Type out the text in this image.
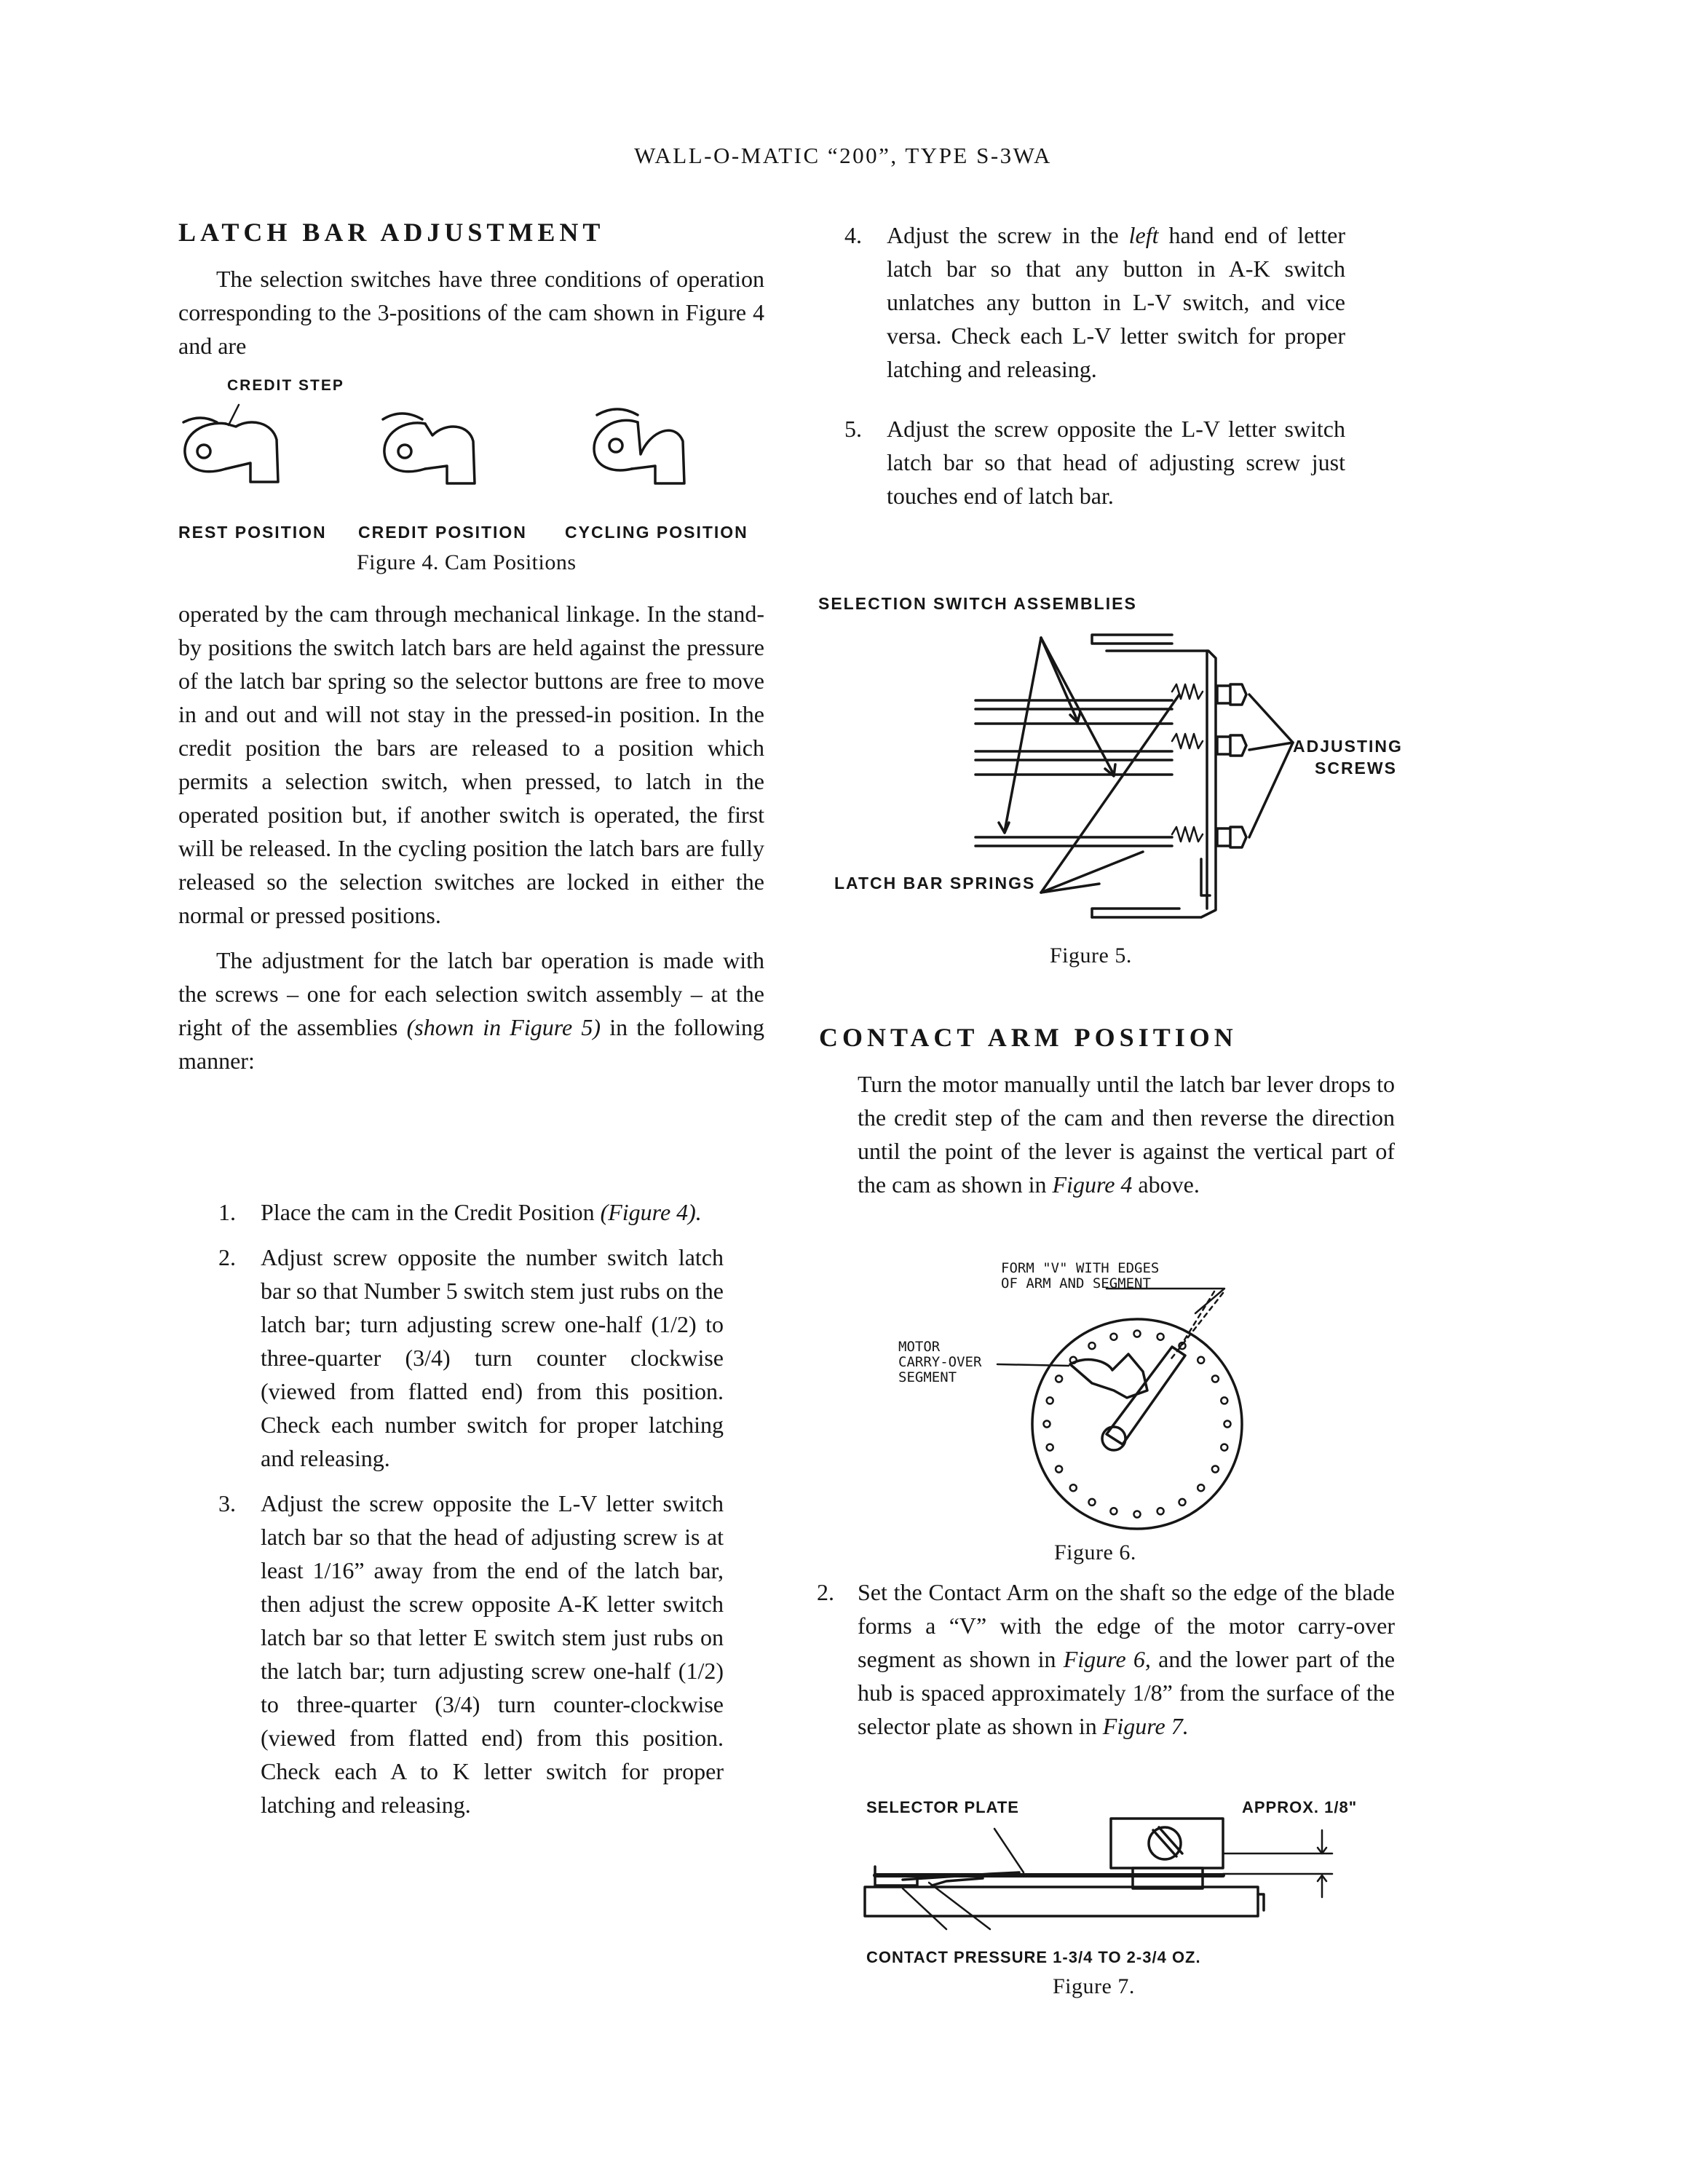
WALL-O-MATIC “200”, TYPE S-3WA
LATCH BAR ADJUSTMENT

The selection switches have three conditions of operation corresponding to the 3-positions of the cam shown in Figure 4 and are

CREDIT STEP
REST POSITION CREDIT POSITION CYCLING POSITION
Figure 4. Cam Positions

operated by the cam through mechanical linkage. In the stand-by positions the switch latch bars are held against the pressure of the latch bar spring so the selector buttons are free to move in and out and will not stay in the pressed-in position. In the credit position the bars are released to a position which permits a selection switch, when pressed, to latch in the operated position but, if another switch is operated, the first will be released. In the cycling position the latch bars are fully released so the selection switches are locked in either the normal or pressed positions.

The adjustment for the latch bar operation is made with the screws – one for each selection switch assembly – at the right of the assemblies (shown in Figure 5) in the following manner:

1. Place the cam in the Credit Position (Figure 4).
2. Adjust screw opposite the number switch latch bar so that Number 5 switch stem just rubs on the latch bar; turn adjusting screw one-half (1/2) to three-quarter (3/4) turn counter clockwise (viewed from flatted end) from this position. Check each number switch for proper latching and releasing.
3. Adjust the screw opposite the L-V letter switch latch bar so that the head of adjusting screw is at least 1/16” away from the end of the latch bar, then adjust the screw opposite A-K letter switch latch bar so that letter E switch stem just rubs on the latch bar; turn adjusting screw one-half (1/2) to three-quarter (3/4) turn counter-clockwise (viewed from flatted end) from this position. Check each A to K letter switch for proper latching and releasing.
4. Adjust the screw in the left hand end of letter latch bar so that any button in A-K switch unlatches any button in L-V switch, and vice versa. Check each L-V letter switch for proper latching and releasing.
5. Adjust the screw opposite the L-V letter switch latch bar so that head of adjusting screw just touches end of latch bar.
SELECTION SWITCH ASSEMBLIES
ADJUSTING
SCREWS
LATCH BAR SPRINGS
Figure 5.
CONTACT ARM POSITION
Turn the motor manually until the latch bar lever drops to the credit step of the cam and then reverse the direction until the point of the lever is against the vertical part of the cam as shown in Figure 4 above.
FORM "V" WITH EDGES
OF ARM AND SEGMENT
MOTOR
CARRY-OVER
SEGMENT
Figure 6.
2. Set the Contact Arm on the shaft so the edge of the blade forms a “V” with the edge of the motor carry-over segment as shown in Figure 6, and the lower part of the hub is spaced approximately 1/8” from the surface of the selector plate as shown in Figure 7.
SELECTOR PLATE	APPROX. 1/8"
CONTACT PRESSURE 1-3/4 TO 2-3/4 OZ.
Figure 7.
